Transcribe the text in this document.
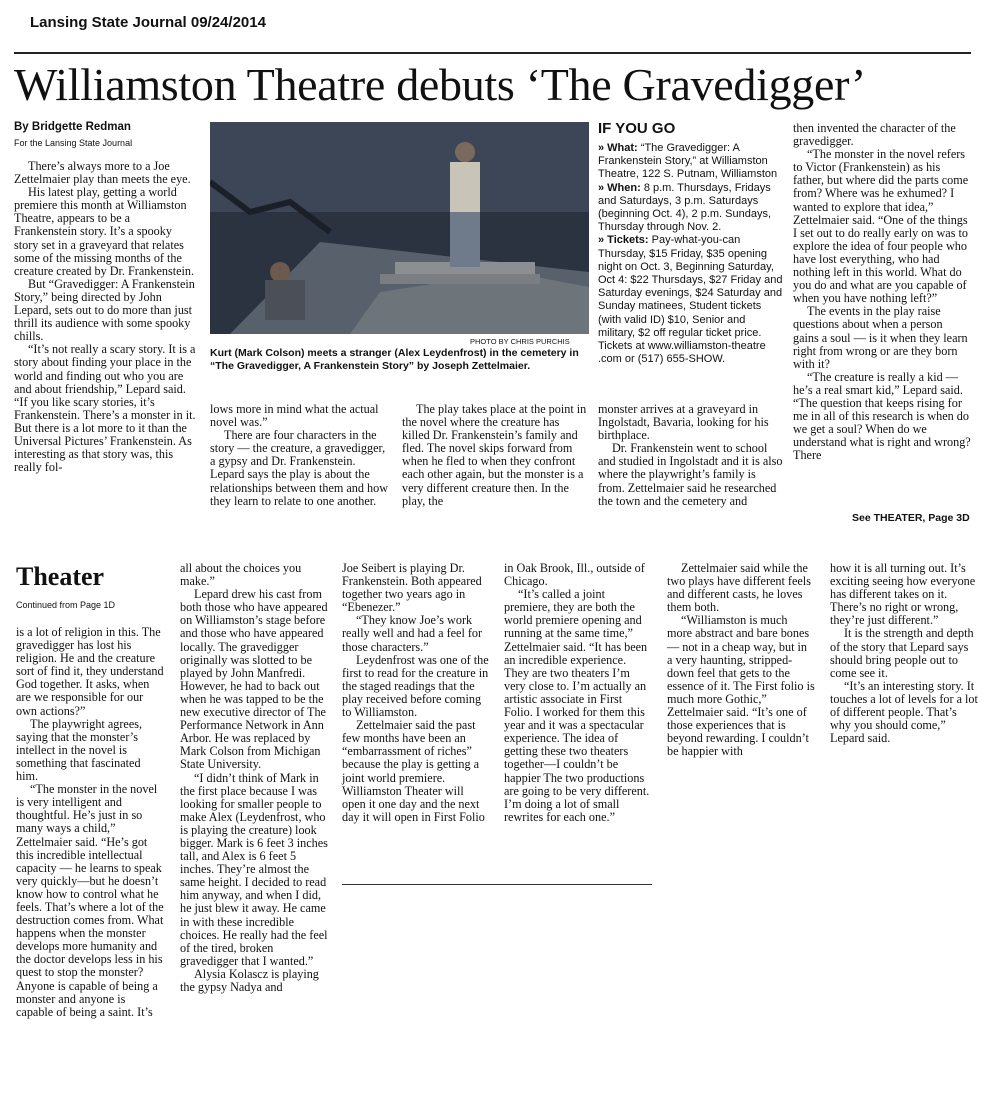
Lansing State Journal 09/24/2014
Williamston Theatre debuts ‘The Gravedigger’
By Bridgette Redman
For the Lansing State Journal

There’s always more to a Joe Zettelmaier play than meets the eye.

His latest play, getting a world premiere this month at Williamston Theatre, appears to be a Frankenstein story. It’s a spooky story set in a graveyard that relates some of the missing months of the creature created by Dr. Frankenstein.

But “Gravedigger: A Frankenstein Story,” being directed by John Lepard, sets out to do more than just thrill its audience with some spooky chills.

“It’s not really a scary story. It is a story about finding your place in the world and finding out who you are and about friendship,” Lepard said. “If you like scary stories, it’s Frankenstein. There’s a monster in it. But there is a lot more to it than the Universal Pictures’ Frankenstein. As interesting as that story was, this really fol-

PHOTO BY CHRIS PURCHIS
Kurt (Mark Colson) meets a stranger (Alex Leydenfrost) in the cemetery in “The Gravedigger, A Frankenstein Story” by Joseph Zettelmaier.

lows more in mind what the actual novel was.”

There are four characters in the story — the creature, a gravedigger, a gypsy and Dr. Frankenstein. Lepard says the play is about the relationships between them and how they learn to relate to one another.

The play takes place at the point in the novel where the creature has killed Dr. Frankenstein’s family and fled. The novel skips forward from when he fled to when they confront each other again, but the monster is a very different creature then. In the play, the

monster arrives at a graveyard in Ingolstadt, Bavaria, looking for his birthplace.

Dr. Frankenstein went to school and studied in Ingolstadt and it is also where the playwright’s family is from. Zettelmaier said he researched the town and the cemetery and

IF YOU GO
» What: “The Gravedigger: A Frankenstein Story,” at Williamston Theatre, 122 S. Putnam, Williamston
» When: 8 p.m. Thursdays, Fridays and Saturdays, 3 p.m. Saturdays (beginning Oct. 4), 2 p.m. Sundays, Thursday through Nov. 2.
» Tickets: Pay-what-you-can Thursday, $15 Friday, $35 opening night on Oct. 3, Beginning Saturday, Oct 4: $22 Thursdays, $27 Friday and Saturday evenings, $24 Saturday and Sunday matinees, Student tickets (with valid ID) $10, Senior and military, $2 off regular ticket price. Tickets at www.williamston-theatre .com or (517) 655-SHOW.

then invented the character of the gravedigger.

“The monster in the novel refers to Victor (Frankenstein) as his father, but where did the parts come from? Where was he exhumed? I wanted to explore that idea,” Zettelmaier said. “One of the things I set out to do really early on was to explore the idea of four people who have lost everything, who had nothing left in this world. What do you do and what are you capable of when you have nothing left?”

The events in the play raise questions about when a person gains a soul — is it when they learn right from wrong or are they born with it?

“The creature is really a kid — he’s a real smart kid,” Lepard said. “The question that keeps rising for me in all of this research is when do we get a soul? When do we understand what is right and wrong? There

See THEATER, Page 3D
Theater
Continued from Page 1D

is a lot of religion in this. The gravedigger has lost his religion. He and the creature sort of find it, they understand God together. It asks, when are we responsible for our own actions?”

The playwright agrees, saying that the monster’s intellect in the novel is something that fascinated him.

“The monster in the novel is very intelligent and thoughtful. He’s just in so many ways a child,” Zettelmaier said. “He’s got this incredible intellectual capacity — he learns to speak very quickly—but he doesn’t know how to control what he feels. That’s where a lot of the destruction comes from. What happens when the monster develops more humanity and the doctor develops less in his quest to stop the monster? Anyone is capable of being a monster and anyone is capable of being a saint. It’s

all about the choices you make.”

Lepard drew his cast from both those who have appeared on Williamston’s stage before and those who have appeared locally. The gravedigger originally was slotted to be played by John Manfredi. However, he had to back out when he was tapped to be the new executive director of The Performance Network in Ann Arbor. He was replaced by Mark Colson from Michigan State University.

“I didn’t think of Mark in the first place because I was looking for smaller people to make Alex (Leydenfrost, who is playing the creature) look bigger. Mark is 6 feet 3 inches tall, and Alex is 6 feet 5 inches. They’re almost the same height. I decided to read him anyway, and when I did, he just blew it away. He came in with these incredible choices. He really had the feel of the tired, broken gravedigger that I wanted.”

Alysia Kolascz is playing the gypsy Nadya and

Joe Seibert is playing Dr. Frankenstein. Both appeared together two years ago in “Ebenezer.”

“They know Joe’s work really well and had a feel for those characters.”

Leydenfrost was one of the first to read for the creature in the staged readings that the play received before coming to Williamston.

Zettelmaier said the past few months have been an “embarrassment of riches” because the play is getting a joint world premiere. Williamston Theater will open it one day and the next day it will open in First Folio

in Oak Brook, Ill., outside of Chicago.

“It’s called a joint premiere, they are both the world premiere opening and running at the same time,” Zettelmaier said. “It has been an incredible experience. They are two theaters I’m very close to. I’m actually an artistic associate in First Folio. I worked for them this year and it was a spectacular experience. The idea of getting these two theaters together—I couldn’t be happier The two productions are going to be very different. I’m doing a lot of small rewrites for each one.”

Zettelmaier said while the two plays have different feels and different casts, he loves them both.

“Williamston is much more abstract and bare bones — not in a cheap way, but in a very haunting, stripped-down feel that gets to the essence of it. The First folio is much more Gothic,” Zettelmaier said. “It’s one of those experiences that is beyond rewarding. I couldn’t be happier with

how it is all turning out. It’s exciting seeing how everyone has different takes on it. There’s no right or wrong, they’re just different.”

It is the strength and depth of the story that Lepard says should bring people out to come see it.

“It’s an interesting story. It touches a lot of levels for a lot of different people. That’s why you should come,” Lepard said.
